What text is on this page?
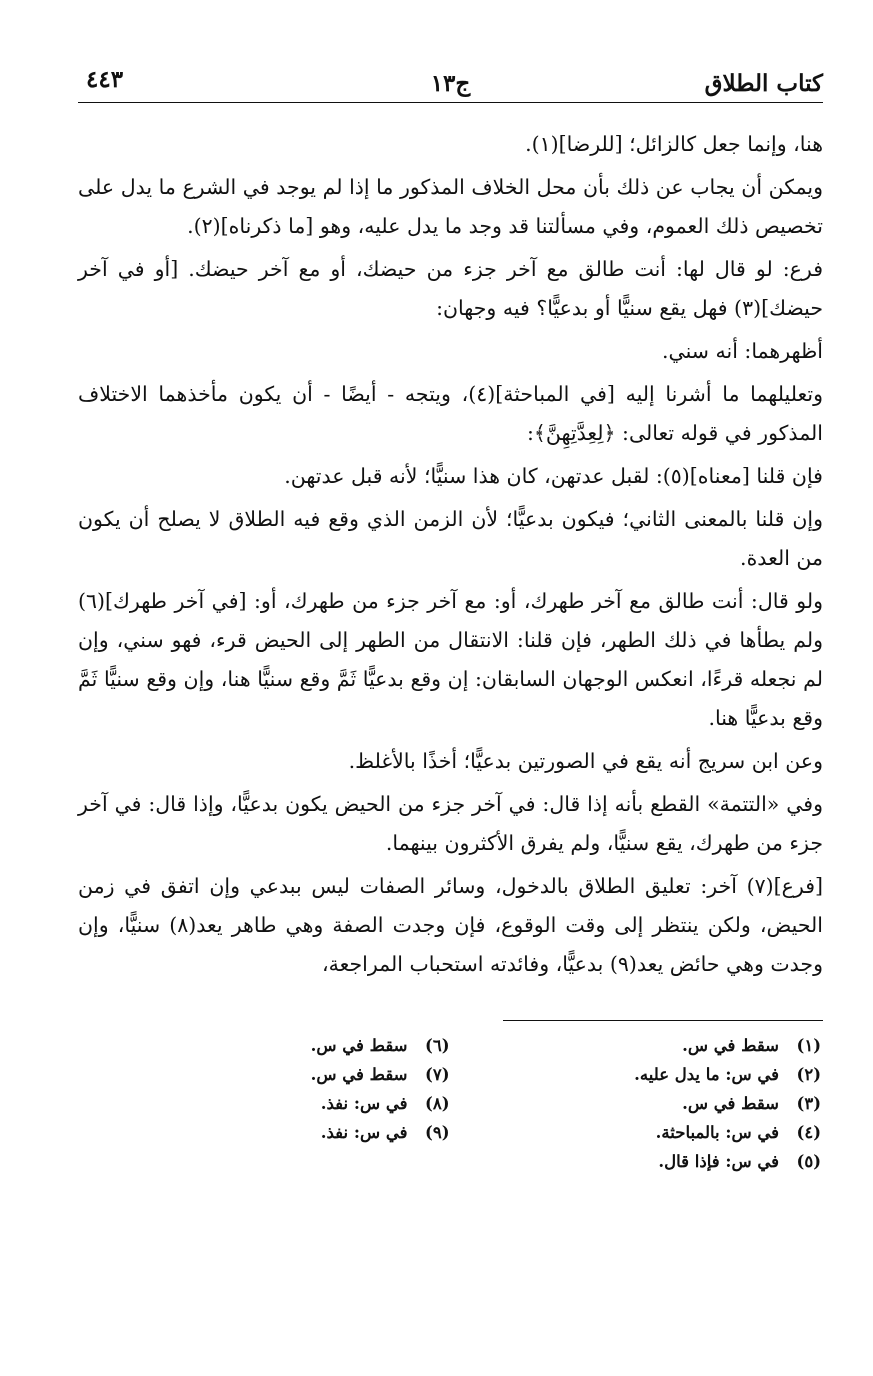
كتاب الطلاق
ج١٣
٤٤٣

هنا، وإنما جعل كالزائل؛ [للرضا](١).

ويمكن أن يجاب عن ذلك بأن محل الخلاف المذكور ما إذا لم يوجد في الشرع ما يدل على تخصيص ذلك العموم، وفي مسألتنا قد وجد ما يدل عليه، وهو [ما ذكرناه](٢).

فرع: لو قال لها: أنت طالق مع آخر جزء من حيضك، أو مع آخر حيضك. [أو في آخر حيضك](٣) فهل يقع سنيًّا أو بدعيًّا؟ فيه وجهان:

أظهرهما: أنه سني.

وتعليلهما ما أشرنا إليه [في المباحثة](٤)، ويتجه - أيضًا - أن يكون مأخذهما الاختلاف المذكور في قوله تعالى: ﴿لِعِدَّتِهِنَّ﴾:

فإن قلنا [معناه](٥): لقبل عدتهن، كان هذا سنيًّا؛ لأنه قبل عدتهن.

وإن قلنا بالمعنى الثاني؛ فيكون بدعيًّا؛ لأن الزمن الذي وقع فيه الطلاق لا يصلح أن يكون من العدة.

ولو قال: أنت طالق مع آخر طهرك، أو: مع آخر جزء من طهرك، أو: [في آخر طهرك](٦) ولم يطأها في ذلك الطهر، فإن قلنا: الانتقال من الطهر إلى الحيض قرء، فهو سني، وإن لم نجعله قرءًا، انعكس الوجهان السابقان: إن وقع بدعيًّا ثَمَّ وقع سنيًّا هنا، وإن وقع سنيًّا ثَمَّ وقع بدعيًّا هنا.

وعن ابن سريج أنه يقع في الصورتين بدعيًّا؛ أخذًا بالأغلظ.

وفي «التتمة» القطع بأنه إذا قال: في آخر جزء من الحيض يكون بدعيًّا، وإذا قال: في آخر جزء من طهرك، يقع سنيًّا، ولم يفرق الأكثرون بينهما.

[فرع](٧) آخر: تعليق الطلاق بالدخول، وسائر الصفات ليس ببدعي وإن اتفق في زمن الحيض، ولكن ينتظر إلى وقت الوقوع، فإن وجدت الصفة وهي طاهر يعد(٨) سنيًّا، وإن وجدت وهي حائض يعد(٩) بدعيًّا، وفائدته استحباب المراجعة،

(١)سقط في س.
(٢)في س: ما يدل عليه.
(٣)سقط في س.
(٤)في س: بالمباحثة.
(٥)في س: فإذا قال.
(٦)سقط في س.
(٧)سقط في س.
(٨)في س: نفذ.
(٩)في س: نفذ.
